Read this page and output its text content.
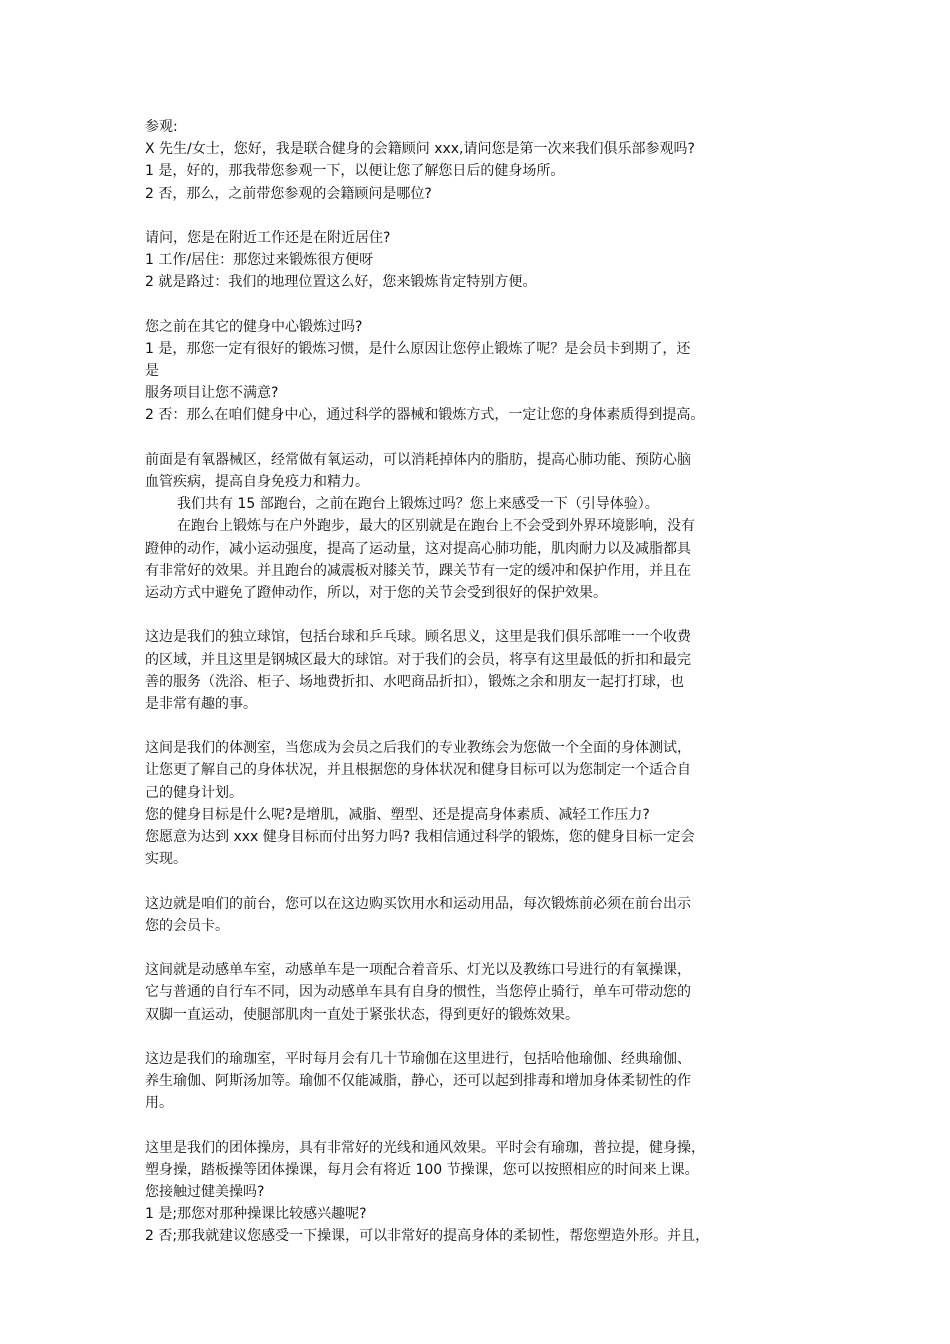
参观:
X 先生/女士，您好，我是联合健身的会籍顾问 xxx,请问您是第一次来我们俱乐部参观吗?
1 是，好的，那我带您参观一下，以便让您了解您日后的健身场所。
2 否，那么，之前带您参观的会籍顾问是哪位?
请问，您是在附近工作还是在附近居住?
1 工作/居住：那您过来锻炼很方便呀
2 就是路过：我们的地理位置这么好，您来锻炼肯定特别方便。
您之前在其它的健身中心锻炼过吗?
1 是，那您一定有很好的锻炼习惯，是什么原因让您停止锻炼了呢？是会员卡到期了，还
是
服务项目让您不满意?
2 否：那么在咱们健身中心，通过科学的器械和锻炼方式，一定让您的身体素质得到提高。
前面是有氧器械区，经常做有氧运动，可以消耗掉体内的脂肪，提高心肺功能、预防心脑
血管疾病，提高自身免疫力和精力。
我们共有 15 部跑台，之前在跑台上锻炼过吗？您上来感受一下（引导体验）。
在跑台上锻炼与在户外跑步，最大的区别就是在跑台上不会受到外界环境影响，没有
蹬伸的动作，减小运动强度，提高了运动量，这对提高心肺功能，肌肉耐力以及减脂都具
有非常好的效果。并且跑台的减震板对膝关节，踝关节有一定的缓冲和保护作用，并且在
运动方式中避免了蹬伸动作，所以，对于您的关节会受到很好的保护效果。
这边是我们的独立球馆，包括台球和乒乓球。顾名思义，这里是我们俱乐部唯一一个收费
的区域，并且这里是钢城区最大的球馆。对于我们的会员，将享有这里最低的折扣和最完
善的服务（洗浴、柜子、场地费折扣、水吧商品折扣），锻炼之余和朋友一起打打球，也
是非常有趣的事。
这间是我们的体测室，当您成为会员之后我们的专业教练会为您做一个全面的身体测试，
让您更了解自己的身体状况，并且根据您的身体状况和健身目标可以为您制定一个适合自
己的健身计划。
您的健身目标是什么呢?是增肌，减脂、塑型、还是提高身体素质、减轻工作压力?
您愿意为达到 xxx 健身目标而付出努力吗? 我相信通过科学的锻炼，您的健身目标一定会
实现。
这边就是咱们的前台，您可以在这边购买饮用水和运动用品，每次锻炼前必须在前台出示
您的会员卡。
这间就是动感单车室，动感单车是一项配合着音乐、灯光以及教练口号进行的有氧操课，
它与普通的自行车不同，因为动感单车具有自身的惯性，当您停止骑行，单车可带动您的
双脚一直运动，使腿部肌肉一直处于紧张状态，得到更好的锻炼效果。
这边是我们的瑜珈室，平时每月会有几十节瑜伽在这里进行，包括哈他瑜伽、经典瑜伽、
养生瑜伽、阿斯汤加等。瑜伽不仅能减脂，静心，还可以起到排毒和增加身体柔韧性的作
用。
这里是我们的团体操房，具有非常好的光线和通风效果。平时会有瑜珈，普拉提，健身操，
塑身操，踏板操等团体操课，每月会有将近 100 节操课，您可以按照相应的时间来上课。
您接触过健美操吗?
1 是;那您对那种操课比较感兴趣呢?
2 否;那我就建议您感受一下操课，可以非常好的提高身体的柔韧性，帮您塑造外形。并且，
